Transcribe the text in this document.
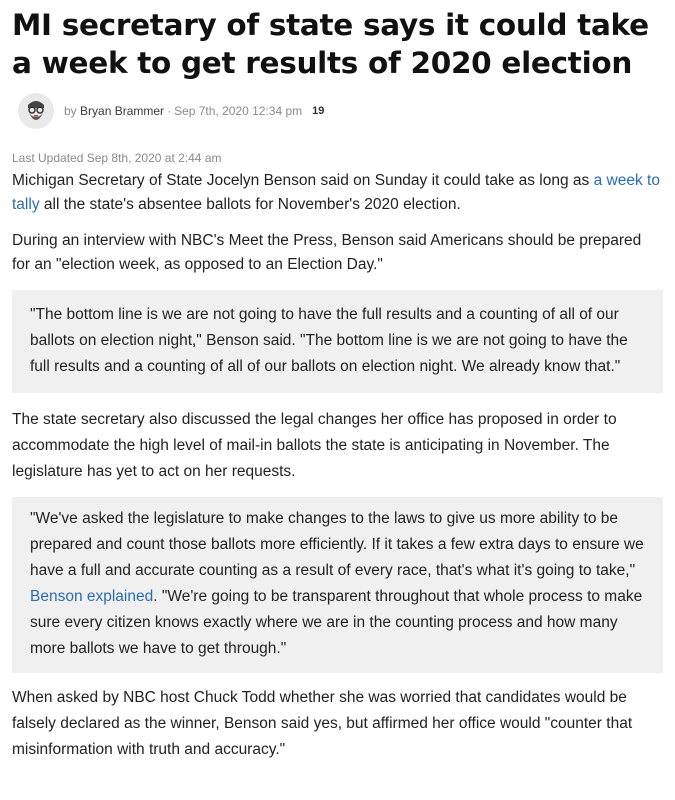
MI secretary of state says it could take a week to get results of 2020 election
by
Bryan Brammer · Sep 7th, 2020 12:34 pm 19
Last Updated Sep 8th, 2020 at 2:44 am

Michigan Secretary of State Jocelyn Benson said on Sunday it could take as long as a week to tally all the state's absentee ballots for November's 2020 election.

During an interview with NBC's Meet the Press, Benson said Americans should be prepared for an "election week, as opposed to an Election Day."

"The bottom line is we are not going to have the full results and a counting of all of our ballots on election night," Benson said. "The bottom line is we are not going to have the full results and a counting of all of our ballots on election night. We already know that."

The state secretary also discussed the legal changes her office has proposed in order to accommodate the high level of mail-in ballots the state is anticipating in November. The legislature has yet to act on her requests.

"We've asked the legislature to make changes to the laws to give us more ability to be prepared and count those ballots more efficiently. If it takes a few extra days to ensure we have a full and accurate counting as a result of every race, that's what it's going to take," Benson explained. "We're going to be transparent throughout that whole process to make sure every citizen knows exactly where we are in the counting process and how many more ballots we have to get through."

When asked by NBC host Chuck Todd whether she was worried that candidates would be falsely declared as the winner, Benson said yes, but affirmed her office would "counter that misinformation with truth and accuracy."
